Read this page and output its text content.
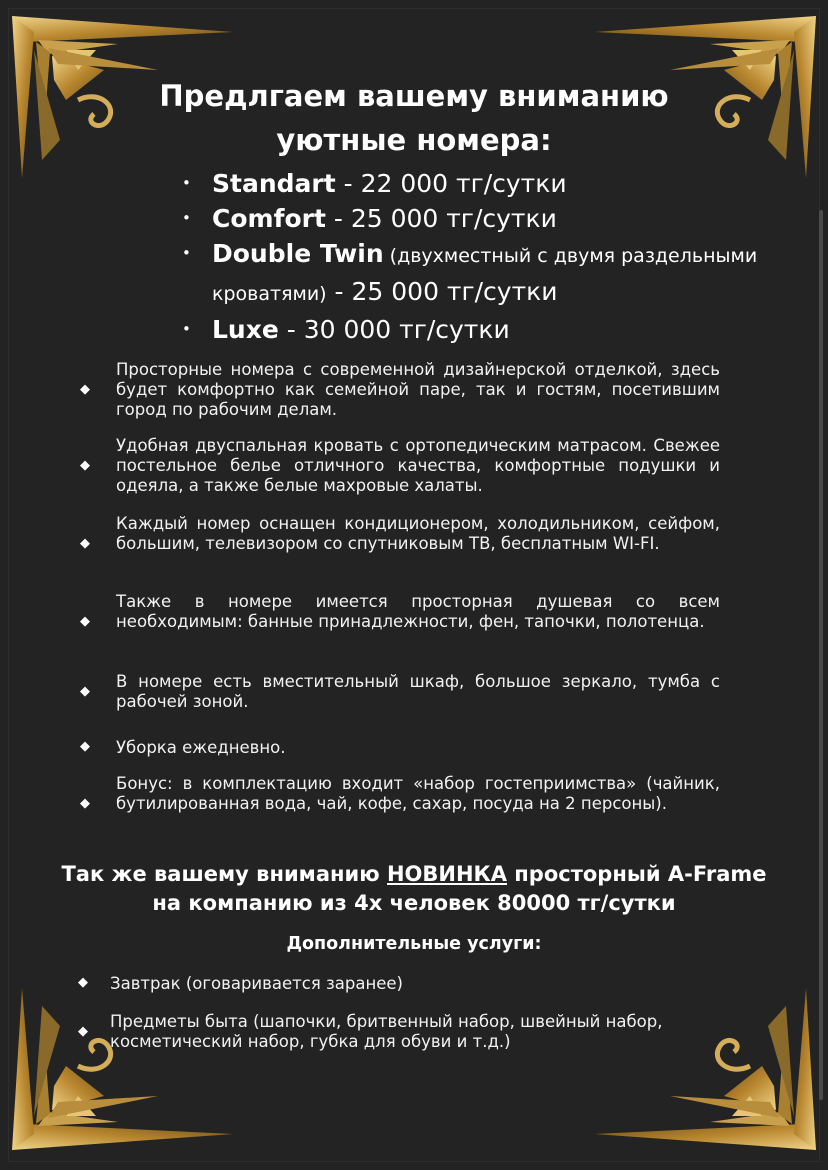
Предлгаем вашему вниманию
уютные номера:
• Standart - 22 000 тг/сутки
• Comfort - 25 000 тг/сутки
• Double Twin (двухместный с двумя раздельными кроватями) - 25 000 тг/сутки
• Luxe - 30 000 тг/сутки
◆
Просторные номера с современной дизайнерской отделкой, здесь будет комфортно как семейной паре, так и гостям, посетившим город по рабочим делам.
◆
Удобная двуспальная кровать с ортопедическим матрасом. Свежее постельное белье отличного качества, комфортные подушки и одеяла, а также белые махровые халаты.
◆
Каждый номер оснащен кондиционером, холодильником, сейфом, большим, телевизором со спутниковым ТВ, бесплатным WI-FI.
◆
Также в номере имеется просторная душевая со всем необходимым: банные принадлежности, фен, тапочки, полотенца.
◆
В номере есть вместительный шкаф, большое зеркало, тумба с рабочей зоной.
◆ Уборка ежедневно.
◆
Бонус: в комплектацию входит «набор гостеприимства» (чайник, бутилированная вода, чай, кофе, сахар, посуда на 2 персоны).
Так же вашему вниманию НОВИНКА просторный A-Frame на компанию из 4х человек 80000 тг/сутки
Дополнительные услуги:
◆ Завтрак (оговаривается заранее)
◆
Предметы быта (шапочки, бритвенный набор, швейный набор, косметический набор, губка для обуви и т.д.)
